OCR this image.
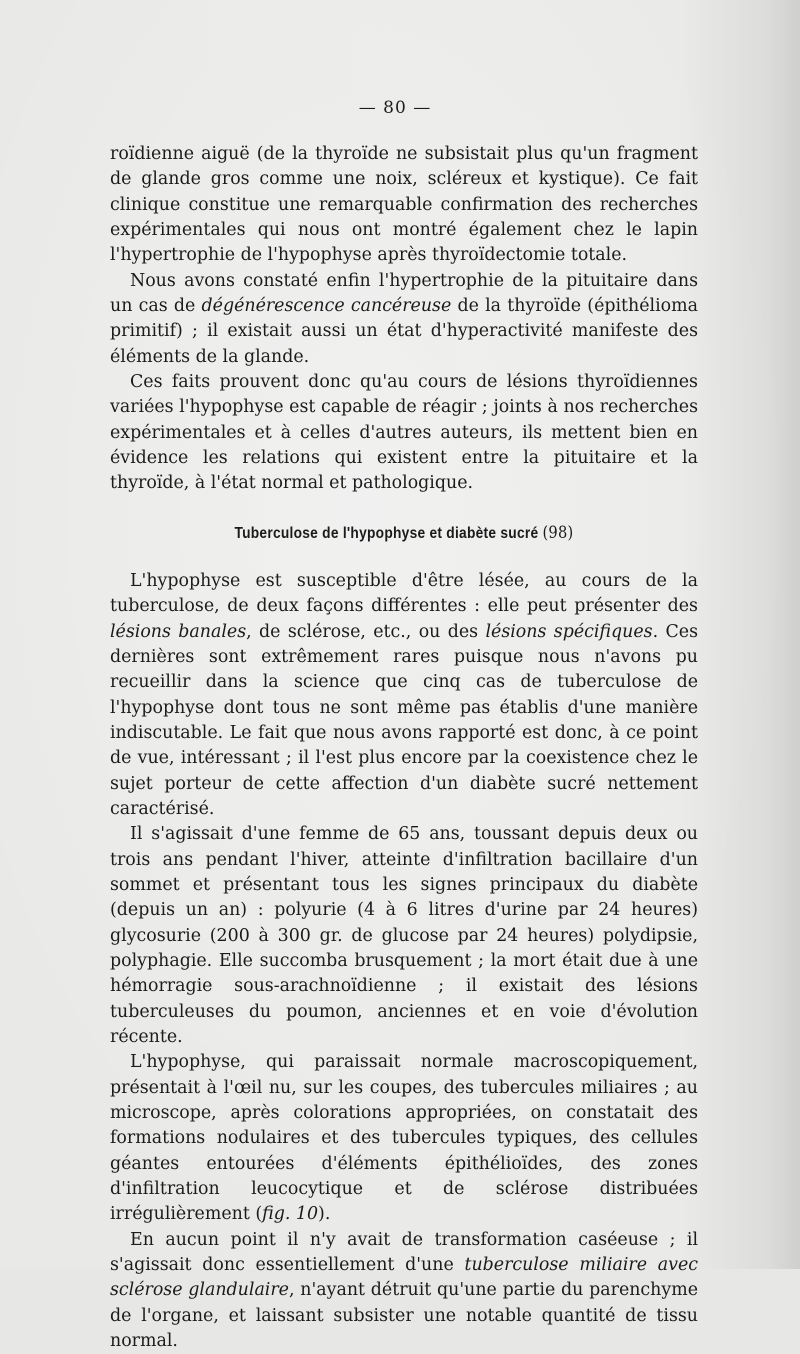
— 80 —

roïdienne aiguë (de la thyroïde ne subsistait plus qu'un fragment de glande gros comme une noix, scléreux et kystique). Ce fait clinique constitue une remarquable confirmation des recherches expérimentales qui nous ont montré également chez le lapin l'hypertrophie de l'hypophyse après thyroïdectomie totale.

Nous avons constaté enfin l'hypertrophie de la pituitaire dans un cas de dégénérescence cancéreuse de la thyroïde (épithélioma primitif) ; il existait aussi un état d'hyperactivité manifeste des éléments de la glande.

Ces faits prouvent donc qu'au cours de lésions thyroïdiennes variées l'hypophyse est capable de réagir ; joints à nos recherches expérimentales et à celles d'autres auteurs, ils mettent bien en évidence les relations qui existent entre la pituitaire et la thyroïde, à l'état normal et pathologique.

Tuberculose de l'hypophyse et diabète sucré (98)

L'hypophyse est susceptible d'être lésée, au cours de la tuberculose, de deux façons différentes : elle peut présenter des lésions banales, de sclérose, etc., ou des lésions spécifiques. Ces dernières sont extrêmement rares puisque nous n'avons pu recueillir dans la science que cinq cas de tuberculose de l'hypophyse dont tous ne sont même pas établis d'une manière indiscutable. Le fait que nous avons rapporté est donc, à ce point de vue, intéressant ; il l'est plus encore par la coexistence chez le sujet porteur de cette affection d'un diabète sucré nettement caractérisé.

Il s'agissait d'une femme de 65 ans, toussant depuis deux ou trois ans pendant l'hiver, atteinte d'infiltration bacillaire d'un sommet et présentant tous les signes principaux du diabète (depuis un an) : polyurie (4 à 6 litres d'urine par 24 heures) glycosurie (200 à 300 gr. de glucose par 24 heures) polydipsie, polyphagie. Elle succomba brusquement ; la mort était due à une hémorragie sous-arachnoïdienne ; il existait des lésions tuberculeuses du poumon, anciennes et en voie d'évolution récente.

L'hypophyse, qui paraissait normale macroscopiquement, présentait à l'œil nu, sur les coupes, des tubercules miliaires ; au microscope, après colorations appropriées, on constatait des formations nodulaires et des tubercules typiques, des cellules géantes entourées d'éléments épithélioïdes, des zones d'infiltration leucocytique et de sclérose distribuées irrégulièrement (fig. 10).

En aucun point il n'y avait de transformation caséeuse ; il s'agissait donc essentiellement d'une tuberculose miliaire avec sclérose glandulaire, n'ayant détruit qu'une partie du parenchyme de l'organe, et laissant subsister une notable quantité de tissu normal.
